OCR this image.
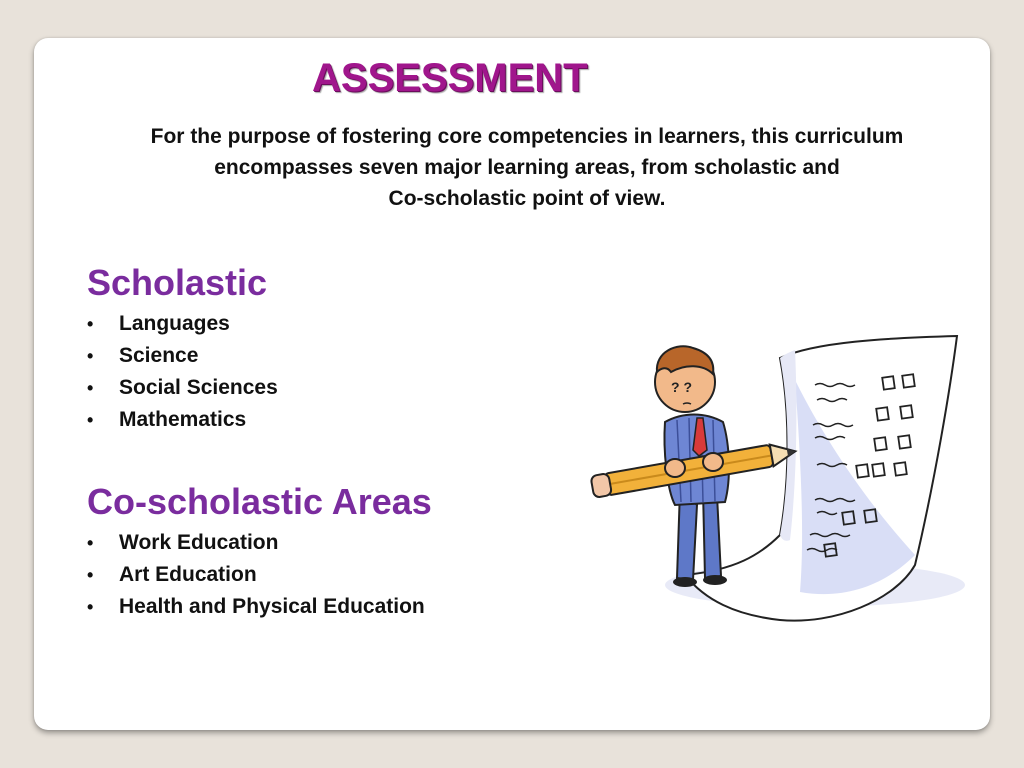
ASSESSMENT
For the purpose of fostering core competencies in learners, this curriculum
encompasses seven major learning areas, from scholastic and
Co-scholastic point of view.
Scholastic
• Languages
• Science
• Social Sciences
• Mathematics
Co-scholastic Areas
• Work Education
• Art Education
• Health and Physical Education
? ?
